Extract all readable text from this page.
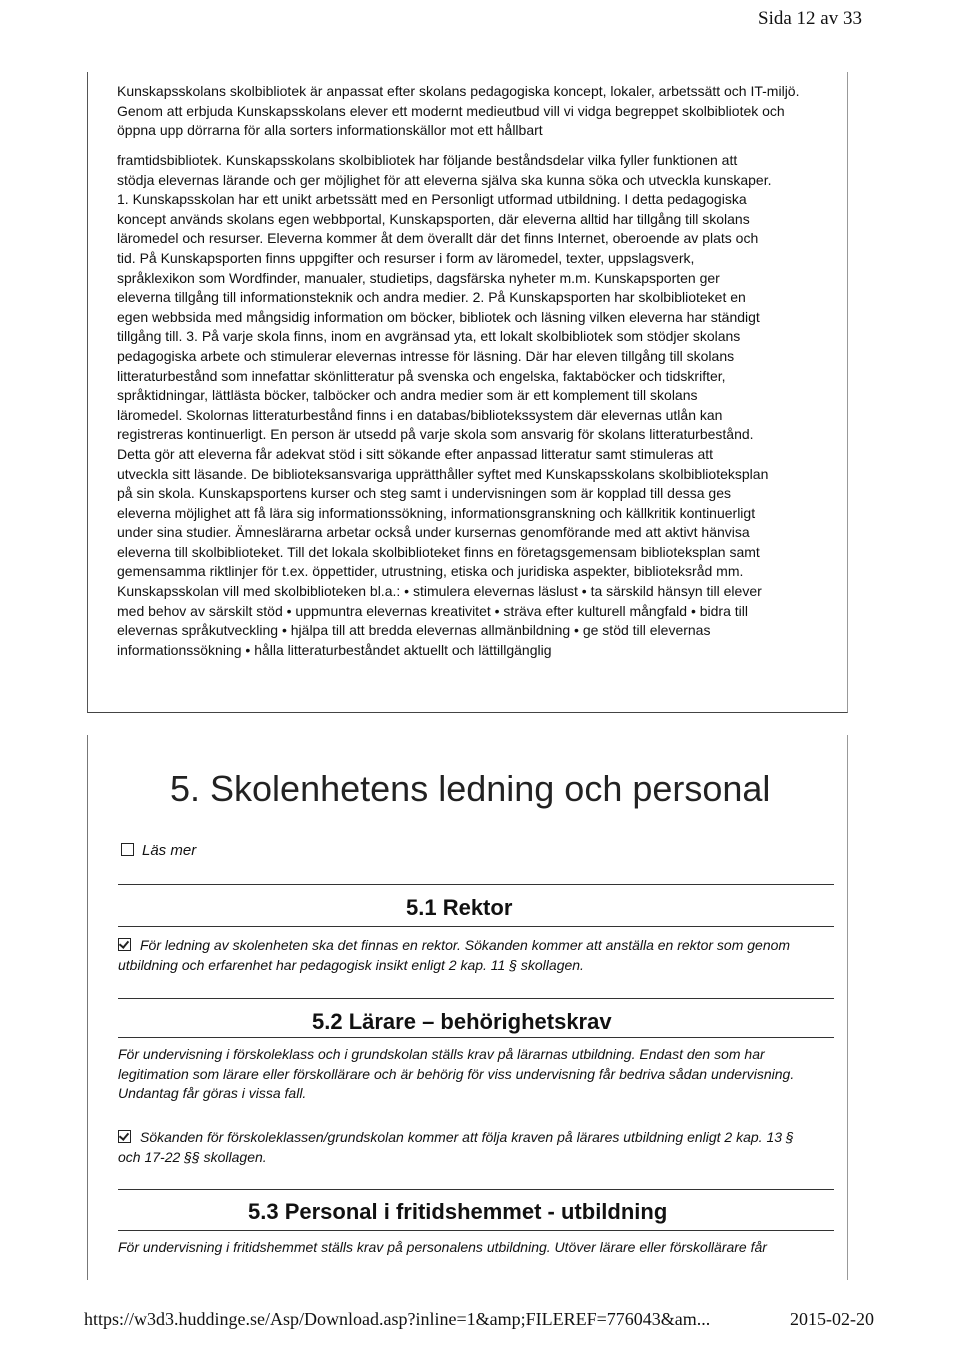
Sida 12 av 33
Kunskapsskolans skolbibliotek är anpassat efter skolans pedagogiska koncept, lokaler, arbetssätt och IT-miljö. Genom att erbjuda Kunskapsskolans elever ett modernt medieutbud vill vi vidga begreppet skolbibliotek och öppna upp dörrarna för alla sorters informationskällor mot ett hållbart
framtidsbibliotek. Kunskapsskolans skolbibliotek har följande beståndsdelar vilka fyller funktionen att
stödja elevernas lärande och ger möjlighet för att eleverna själva ska kunna söka och utveckla kunskaper.
1. Kunskapsskolan har ett unikt arbetssätt med en Personligt utformad utbildning. I detta pedagogiska
koncept används skolans egen webbportal, Kunskapsporten, där eleverna alltid har tillgång till skolans
läromedel och resurser. Eleverna kommer åt dem överallt där det finns Internet, oberoende av plats och
tid. På Kunskapsporten finns uppgifter och resurser i form av läromedel, texter, uppslagsverk,
språklexikon som Wordfinder, manualer, studietips, dagsfärska nyheter m.m. Kunskapsporten ger
eleverna tillgång till informationsteknik och andra medier. 2. På Kunskapsporten har skolbiblioteket en
egen webbsida med mångsidig information om böcker, bibliotek och läsning vilken eleverna har ständigt
tillgång till. 3. På varje skola finns, inom en avgränsad yta, ett lokalt skolbibliotek som stödjer skolans
pedagogiska arbete och stimulerar elevernas intresse för läsning. Där har eleven tillgång till skolans
litteraturbestånd som innefattar skönlitteratur på svenska och engelska, faktaböcker och tidskrifter,
språktidningar, lättlästa böcker, talböcker och andra medier som är ett komplement till skolans
läromedel. Skolornas litteraturbestånd finns i en databas/bibliotekssystem där elevernas utlån kan
registreras kontinuerligt. En person är utsedd på varje skola som ansvarig för skolans litteraturbestånd.
Detta gör att eleverna får adekvat stöd i sitt sökande efter anpassad litteratur samt stimuleras att
utveckla sitt läsande. De biblioteksansvariga upprätthåller syftet med Kunskapsskolans skolbiblioteksplan
på sin skola. Kunskapsportens kurser och steg samt i undervisningen som är kopplad till dessa ges
eleverna möjlighet att få lära sig informationssökning, informationsgranskning och källkritik kontinuerligt
under sina studier. Ämneslärarna arbetar också under kursernas genomförande med att aktivt hänvisa
eleverna till skolbiblioteket. Till det lokala skolbiblioteket finns en företagsgemensam biblioteksplan samt
gemensamma riktlinjer för t.ex. öppettider, utrustning, etiska och juridiska aspekter, biblioteksråd mm.
Kunskapsskolan vill med skolbiblioteken bl.a.: • stimulera elevernas läslust • ta särskild hänsyn till elever
med behov av särskilt stöd • uppmuntra elevernas kreativitet • sträva efter kulturell mångfald • bidra till
elevernas språkutveckling • hjälpa till att bredda elevernas allmänbildning • ge stöd till elevernas
informationssökning • hålla litteraturbeståndet aktuellt och lättillgänglig
5. Skolenhetens ledning och personal
Läs mer
5.1 Rektor
För ledning av skolenheten ska det finnas en rektor. Sökanden kommer att anställa en rektor som genom utbildning och erfarenhet har pedagogisk insikt enligt 2 kap. 11 § skollagen.
5.2 Lärare – behörighetskrav
För undervisning i förskoleklass och i grundskolan ställs krav på lärarnas utbildning. Endast den som har legitimation som lärare eller förskollärare och är behörig för viss undervisning får bedriva sådan undervisning. Undantag får göras i vissa fall.
Sökanden för förskoleklassen/grundskolan kommer att följa kraven på lärares utbildning enligt 2 kap. 13 § och 17-22 §§ skollagen.
5.3 Personal i fritidshemmet - utbildning
För undervisning i fritidshemmet ställs krav på personalens utbildning. Utöver lärare eller förskollärare får
https://w3d3.huddinge.se/Asp/Download.asp?inline=1&amp;FILEREF=776043&am...	2015-02-20
